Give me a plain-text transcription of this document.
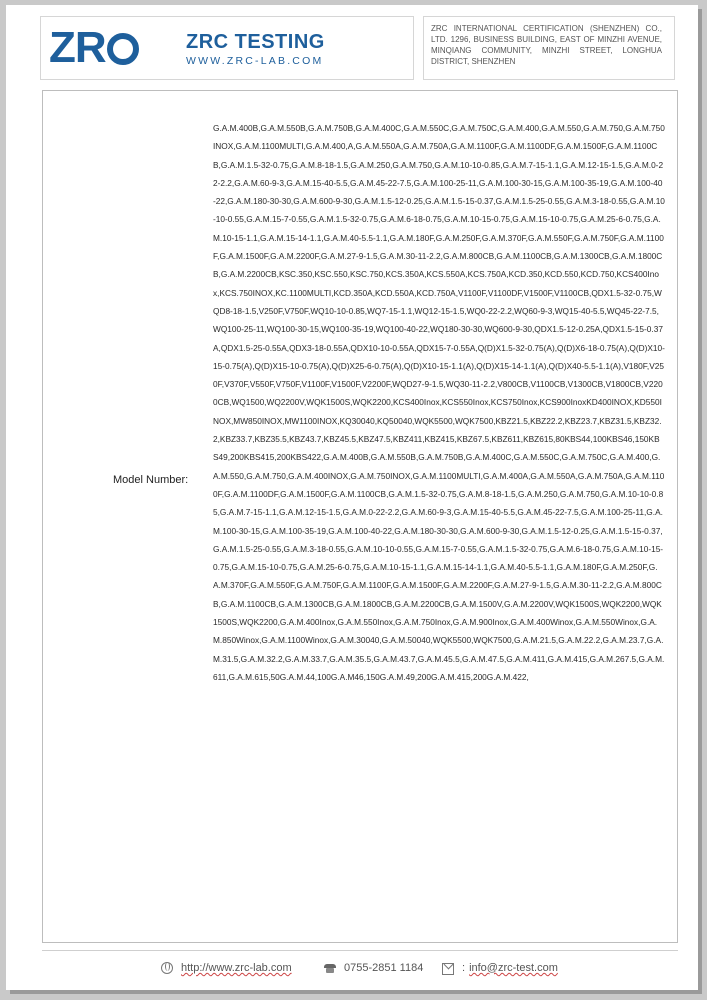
Z R	ZRC TESTING
WWW.ZRC-LAB.COM
ZRC INTERNATIONAL CERTIFICATION (SHENZHEN) CO., LTD. 1296, BUSINESS BUILDING, EAST OF MINZHI AVENUE, MINQIANG COMMUNITY, MINZHI STREET, LONGHUA DISTRICT, SHENZHEN
Model Number:
G.A.M.400B,G.A.M.550B,G.A.M.750B,G.A.M.400C,G.A.M.550C,G.A.M.750C,G.A.M.400,G.A.M.550,G.A.M.750,G.A.M.750INOX,G.A.M.1100MULTI,G.A.M.400,A,G.A.M.550A,G.A.M.750A,G.A.M.1100F,G.A.M.1100DF,G.A.M.1500F,G.A.M.1100CB,G.A.M.1.5-32-0.75,G.A.M.8-18-1.5,G.A.M.250,G.A.M.750,G.A.M.10-10-0.85,G.A.M.7-15-1.1,G.A.M.12-15-1.5,G.A.M.0-22-2.2,G.A.M.60-9-3,G.A.M.15-40-5.5,G.A.M.45-22-7.5,G.A.M.100-25-11,G.A.M.100-30-15,G.A.M.100-35-19,G.A.M.100-40-22,G.A.M.180-30-30,G.A.M.600-9-30,G.A.M.1.5-12-0.25,G.A.M.1.5-15-0.37,G.A.M.1.5-25-0.55,G.A.M.3-18-0.55,G.A.M.10-10-0.55,G.A.M.15-7-0.55,G.A.M.1.5-32-0.75,G.A.M.6-18-0.75,G.A.M.10-15-0.75,G.A.M.15-10-0.75,G.A.M.25-6-0.75,G.A.M.10-15-1.1,G.A.M.15-14-1.1,G.A.M.40-5.5-1.1,G.A.M.180F,G.A.M.250F,G.A.M.370F,G.A.M.550F,G.A.M.750F,G.A.M.1100F,G.A.M.1500F,G.A.M.2200F,G.A.M.27-9-1.5,G.A.M.30-11-2.2,G.A.M.800CB,G.A.M.1100CB,G.A.M.1300CB,G.A.M.1800CB,G.A.M.2200CB,KSC.350,KSC.550,KSC.750,KCS.350A,KCS.550A,KCS.750A,KCD.350,KCD.550,KCD.750,KCS400Inox,KCS.750INOX,KC.1100MULTI,KCD.350A,KCD.550A,KCD.750A,V1100F,V1100DF,V1500F,V1100CB,QDX1.5-32-0.75,WQD8-18-1.5,V250F,V750F,WQ10-10-0.85,WQ7-15-1.1,WQ12-15-1.5,WQ0-22-2.2,WQ60-9-3,WQ15-40-5.5,WQ45-22-7.5,WQ100-25-11,WQ100-30-15,WQ100-35-19,WQ100-40-22,WQ180-30-30,WQ600-9-30,QDX1.5-12-0.25A,QDX1.5-15-0.37A,QDX1.5-25-0.55A,QDX3-18-0.55A,QDX10-10-0.55A,QDX15-7-0.55A,Q(D)X1.5-32-0.75(A),Q(D)X6-18-0.75(A),Q(D)X10-15-0.75(A),Q(D)X15-10-0.75(A),Q(D)X25-6-0.75(A),Q(D)X10-15-1.1(A),Q(D)X15-14-1.1(A),Q(D)X40-5.5-1.1(A),V180F,V250F,V370F,V550F,V750F,V1100F,V1500F,V2200F,WQD27-9-1.5,WQ30-11-2.2,V800CB,V1100CB,V1300CB,V1800CB,V2200CB,WQ1500,WQ2200V,WQK1500S,WQK2200,KCS400Inox,KCS550Inox,KCS750Inox,KCS900InoxKD400INOX,KD550INOX,MW850INOX,MW1100INOX,KQ30040,KQ50040,WQK5500,WQK7500,KBZ21.5,KBZ22.2,KBZ23.7,KBZ31.5,KBZ32.2,KBZ33.7,KBZ35.5,KBZ43.7,KBZ45.5,KBZ47.5,KBZ411,KBZ415,KBZ67.5,KBZ611,KBZ615,80KBS44,100KBS46,150KBS49,200KBS415,200KBS422,G.A.M.400B,G.A.M.550B,G.A.M.750B,G.A.M.400C,G.A.M.550C,G.A.M.750C,G.A.M.400,G.A.M.550,G.A.M.750,G.A.M.400INOX,G.A.M.750INOX,G.A.M.1100MULTI,G.A.M.400A,G.A.M.550A,G.A.M.750A,G.A.M.1100F,G.A.M.1100DF,G.A.M.1500F,G.A.M.1100CB,G.A.M.1.5-32-0.75,G.A.M.8-18-1.5,G.A.M.250,G.A.M.750,G.A.M.10-10-0.85,G.A.M.7-15-1.1,G.A.M.12-15-1.5,G.A.M.0-22-2.2,G.A.M.60-9-3,G.A.M.15-40-5.5,G.A.M.45-22-7.5,G.A.M.100-25-11,G.A.M.100-30-15,G.A.M.100-35-19,G.A.M.100-40-22,G.A.M.180-30-30,G.A.M.600-9-30,G.A.M.1.5-12-0.25,G.A.M.1.5-15-0.37,G.A.M.1.5-25-0.55,G.A.M.3-18-0.55,G.A.M.10-10-0.55,G.A.M.15-7-0.55,G.A.M.1.5-32-0.75,G.A.M.6-18-0.75,G.A.M.10-15-0.75,G.A.M.15-10-0.75,G.A.M.25-6-0.75,G.A.M.10-15-1.1,G.A.M.15-14-1.1,G.A.M.40-5.5-1.1,G.A.M.180F,G.A.M.250F,G.A.M.370F,G.A.M.550F,G.A.M.750F,G.A.M.1100F,G.A.M.1500F,G.A.M.2200F,G.A.M.27-9-1.5,G.A.M.30-11-2.2,G.A.M.800CB,G.A.M.1100CB,G.A.M.1300CB,G.A.M.1800CB,G.A.M.2200CB,G.A.M.1500V,G.A.M.2200V,WQK1500S,WQK2200,WQK1500S,WQK2200,G.A.M.400Inox,G.A.M.550Inox,G.A.M.750Inox,G.A.M.900Inox,G.A.M.400Winox,G.A.M.550Winox,G.A.M.850Winox,G.A.M.1100Winox,G.A.M.30040,G.A.M.50040,WQK5500,WQK7500,G.A.M.21.5,G.A.M.22.2,G.A.M.23.7,G.A.M.31.5,G.A.M.32.2,G.A.M.33.7,G.A.M.35.5,G.A.M.43.7,G.A.M.45.5,G.A.M.47.5,G.A.M.411,G.A.M.415,G.A.M.267.5,G.A.M.611,G.A.M.615,50G.A.M.44,100G.A.M46,150G.A.M.49,200G.A.M.415,200G.A.M.422,
http://www.zrc-lab.com	0755-2851 1184	: info@zrc-test.com
